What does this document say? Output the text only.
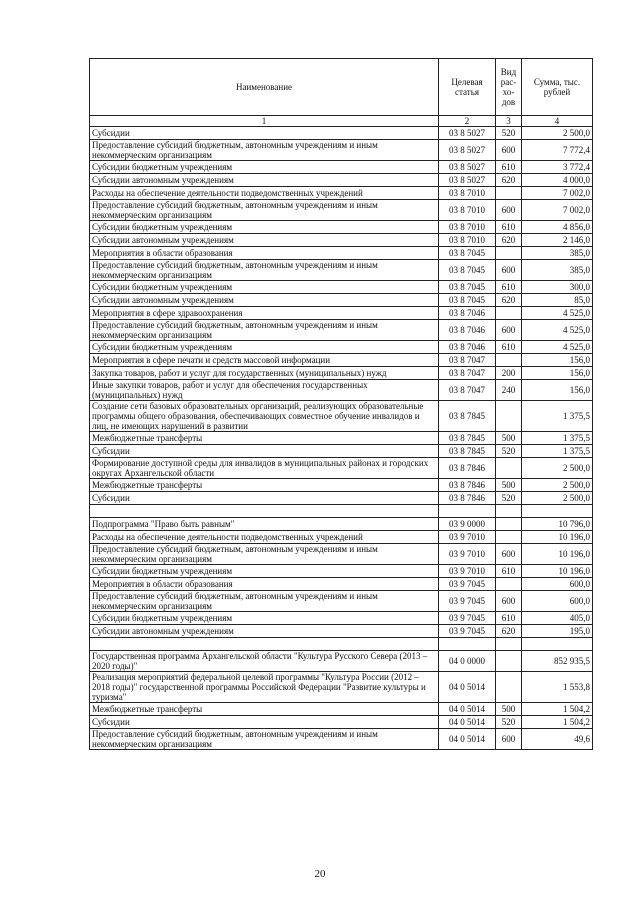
Наименование	Целевая статья	Вид рас-хо-дов	Сумма, тыс. рублей
1	2	3	4
Субсидии	03 8 5027	520	2 500,0
Предоставление субсидий бюджетным, автономным учреждениям и иным некоммерческим организациям	03 8 5027	600	7 772,4
Субсидии бюджетным учреждениям	03 8 5027	610	3 772,4
Субсидии автономным учреждениям	03 8 5027	620	4 000,0
Расходы на обеспечение деятельности подведомственных учреждений	03 8 7010		7 002,0
Предоставление субсидий бюджетным, автономным учреждениям и иным некоммерческим организациям	03 8 7010	600	7 002,0
Субсидии бюджетным учреждениям	03 8 7010	610	4 856,0
Субсидии автономным учреждениям	03 8 7010	620	2 146,0
Мероприятия в области образования	03 8 7045		385,0
Предоставление субсидий бюджетным, автономным учреждениям и иным некоммерческим организациям	03 8 7045	600	385,0
Субсидии бюджетным учреждениям	03 8 7045	610	300,0
Субсидии автономным учреждениям	03 8 7045	620	85,0
Мероприятия в сфере здравоохранения	03 8 7046		4 525,0
Предоставление субсидий бюджетным, автономным учреждениям и иным некоммерческим организациям	03 8 7046	600	4 525,0
Субсидии бюджетным учреждениям	03 8 7046	610	4 525,0
Мероприятия в сфере печати и средств массовой информации	03 8 7047		156,0
Закупка товаров, работ и услуг для государственных (муниципальных) нужд	03 8 7047	200	156,0
Иные закупки товаров, работ и услуг для обеспечения государственных (муниципальных) нужд	03 8 7047	240	156,0
Создание сети базовых образовательных организаций, реализующих образовательные программы общего образования, обеспечивающих совместное обучение инвалидов и лиц, не имеющих нарушений в развитии	03 8 7845		1 375,5
Межбюджетные трансферты	03 8 7845	500	1 375,5
Субсидии	03 8 7845	520	1 375,5
Формирование доступной среды для инвалидов в муниципальных районах и городских округах Архангельской области	03 8 7846		2 500,0
Межбюджетные трансферты	03 8 7846	500	2 500,0
Субсидии	03 8 7846	520	2 500,0

Подпрограмма "Право быть равным"	03 9 0000		10 796,0
Расходы на обеспечение деятельности подведомственных учреждений	03 9 7010		10 196,0
Предоставление субсидий бюджетным, автономным учреждениям и иным некоммерческим организациям	03 9 7010	600	10 196,0
Субсидии бюджетным учреждениям	03 9 7010	610	10 196,0
Мероприятия в области образования	03 9 7045		600,0
Предоставление субсидий бюджетным, автономным учреждениям и иным некоммерческим организациям	03 9 7045	600	600,0
Субсидии бюджетным учреждениям	03 9 7045	610	405,0
Субсидии автономным учреждениям	03 9 7045	620	195,0

Государственная программа Архангельской области "Культура Русского Севера (2013 – 2020 годы)"	04 0 0000		852 935,5
Реализация мероприятий федеральной целевой программы "Культура России (2012 – 2018 годы)" государственной программы Российской Федерации "Развитие культуры и туризма"	04 0 5014		1 553,8
Межбюджетные трансферты	04 0 5014	500	1 504,2
Субсидии	04 0 5014	520	1 504,2
Предоставление субсидий бюджетным, автономным учреждениям и иным некоммерческим организациям	04 0 5014	600	49,6
20
